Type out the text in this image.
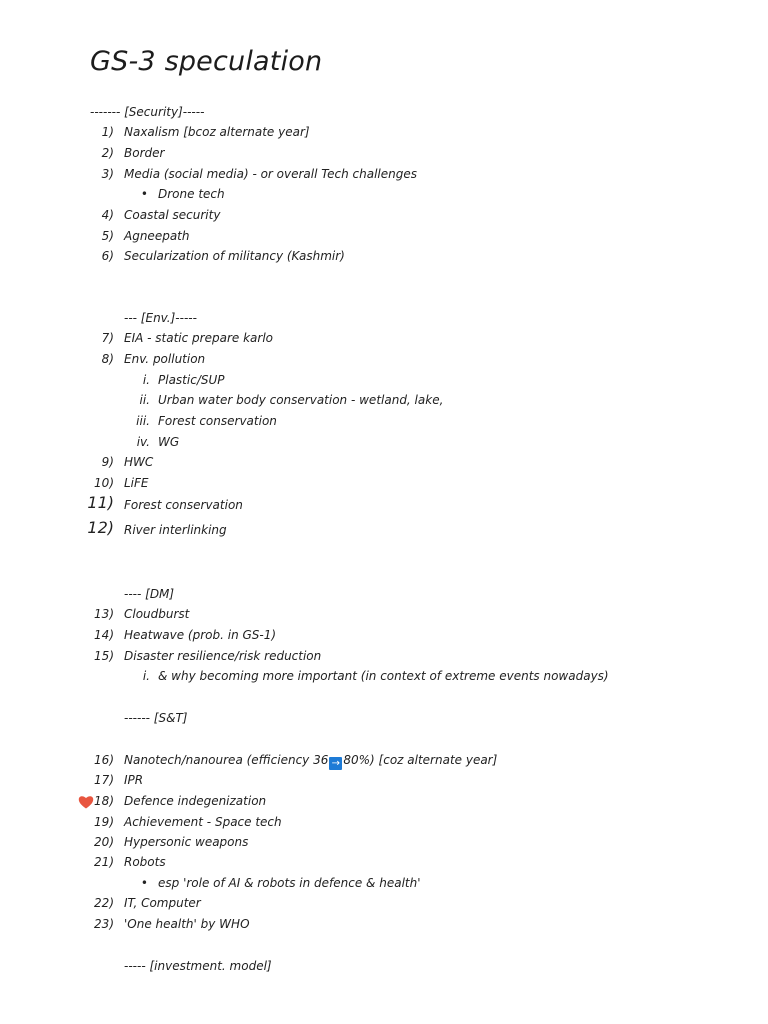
GS-3 speculation
------- [Security]-----
1) Naxalism [bcoz alternate year]
2) Border
3) Media (social media) - or overall Tech challenges
• Drone tech
4) Coastal security
5) Agneepath
6) Secularization of militancy (Kashmir)
--- [Env.]-----
7) EIA - static prepare karlo
8) Env. pollution
i. Plastic/SUP
ii. Urban water body conservation - wetland, lake,
iii. Forest conservation
iv. WG
9) HWC
10) LiFE
11) Forest conservation
12) River interlinking
---- [DM]
13) Cloudburst
14) Heatwave (prob. in GS-1)
15) Disaster resilience/risk reduction
i. & why becoming more important (in context of extreme events nowadays)
------ [S&T]
16) Nanotech/nanourea (efficiency 36 → 80%) [coz alternate year]
17) IPR
18) Defence indegenization
19) Achievement - Space tech
20) Hypersonic weapons
21) Robots
• esp 'role of AI & robots in defence & health'
22) IT, Computer
23) 'One health' by WHO
----- [investment. model]
